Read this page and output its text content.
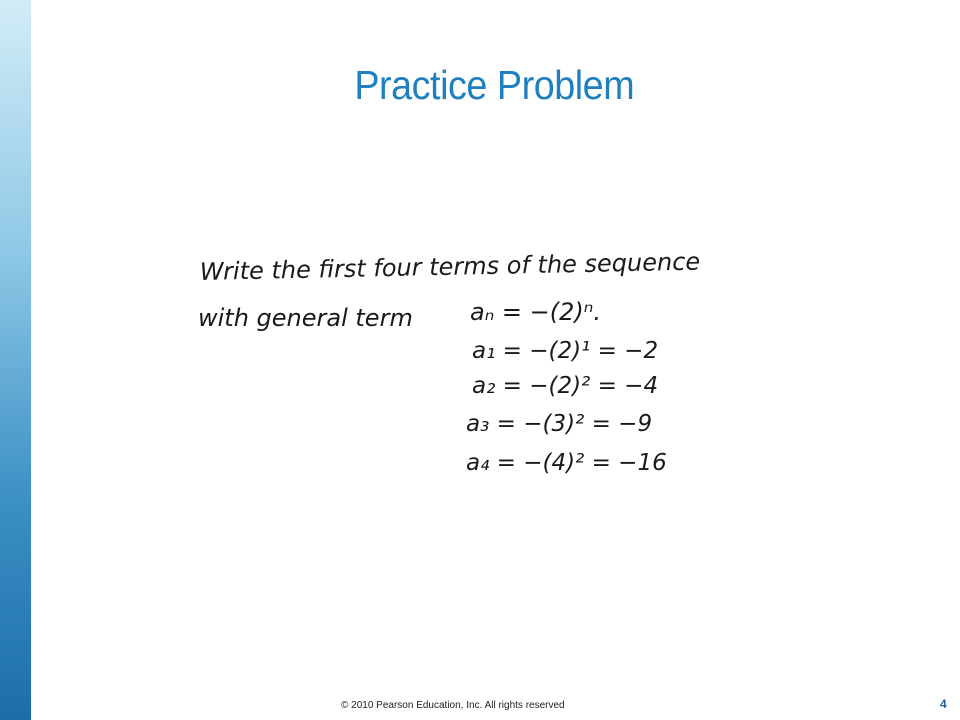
Practice Problem
Write the first four terms of the sequence
with general term aₙ = −(2)ⁿ.
a₁ = −(2)¹ = −2
a₂ = −(2)² = −4
a₃ = −(3)² = −9
a₄ = −(4)² = −16
© 2010 Pearson Education, Inc. All rights reserved	4
